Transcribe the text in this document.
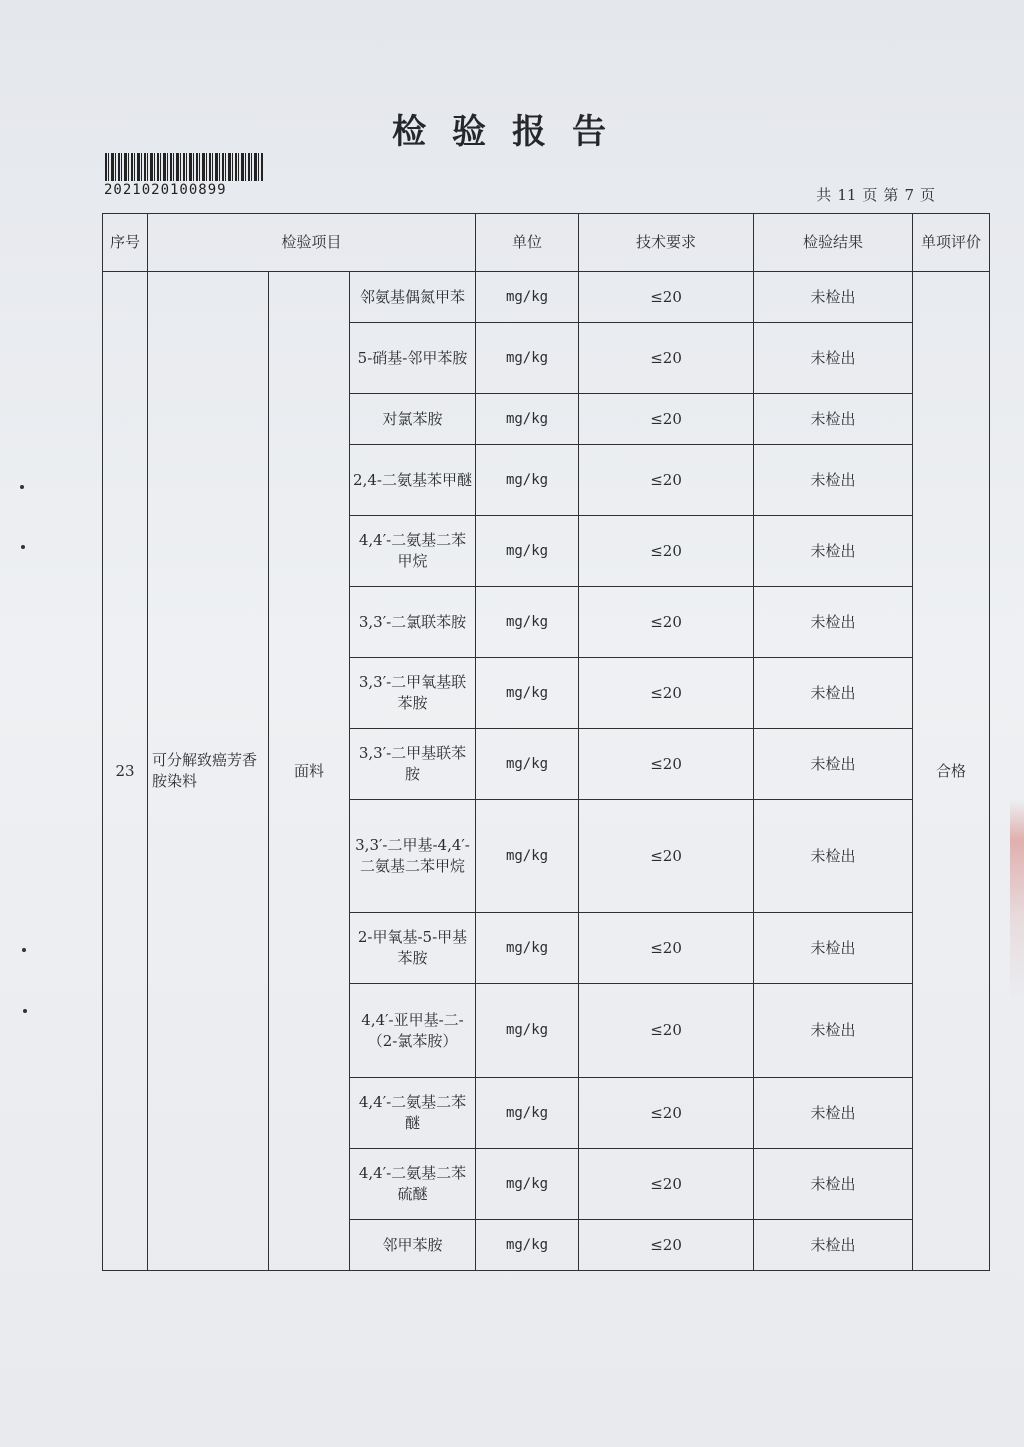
检验报告
2021020100899	共 11 页 第 7 页
序号	检验项目			单位	技术要求	检验结果	单项评价
23	可分解致癌芳香胺染料	面料	邻氨基偶氮甲苯	mg/kg	≤20	未检出	合格
			5-硝基-邻甲苯胺	mg/kg	≤20	未检出	
			对氯苯胺	mg/kg	≤20	未检出	
			2,4-二氨基苯甲醚	mg/kg	≤20	未检出	
			4,4′-二氨基二苯甲烷	mg/kg	≤20	未检出	
			3,3′-二氯联苯胺	mg/kg	≤20	未检出	
			3,3′-二甲氧基联苯胺	mg/kg	≤20	未检出	
			3,3′-二甲基联苯胺	mg/kg	≤20	未检出	
			3,3′-二甲基-4,4′-二氨基二苯甲烷	mg/kg	≤20	未检出	
			2-甲氧基-5-甲基苯胺	mg/kg	≤20	未检出	
			4,4′-亚甲基-二-（2-氯苯胺）	mg/kg	≤20	未检出	
			4,4′-二氨基二苯醚	mg/kg	≤20	未检出	
			4,4′-二氨基二苯硫醚	mg/kg	≤20	未检出	
			邻甲苯胺	mg/kg	≤20	未检出	
